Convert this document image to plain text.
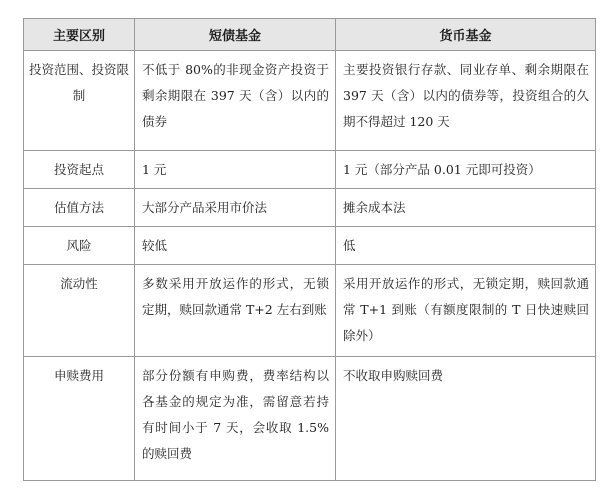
主要区别	短债基金	货币基金
投资范围、投资限制	不低于 80%的非现金资产投资于剩余期限在 397 天（含）以内的债券	主要投资银行存款、同业存单、剩余期限在 397 天（含）以内的债券等，投资组合的久期不得超过 120 天
投资起点	1 元	1 元（部分产品 0.01 元即可投资）
估值方法	大部分产品采用市价法	摊余成本法
风险	较低	低
流动性	多数采用开放运作的形式，无锁定期，赎回款通常 T+2 左右到账	采用开放运作的形式，无锁定期，赎回款通常 T+1 到账（有额度限制的 T 日快速赎回除外）
申赎费用	部分份额有申购费，费率结构以各基金的规定为准，需留意若持有时间小于 7 天，会收取 1.5%的赎回费	不收取申购赎回费
